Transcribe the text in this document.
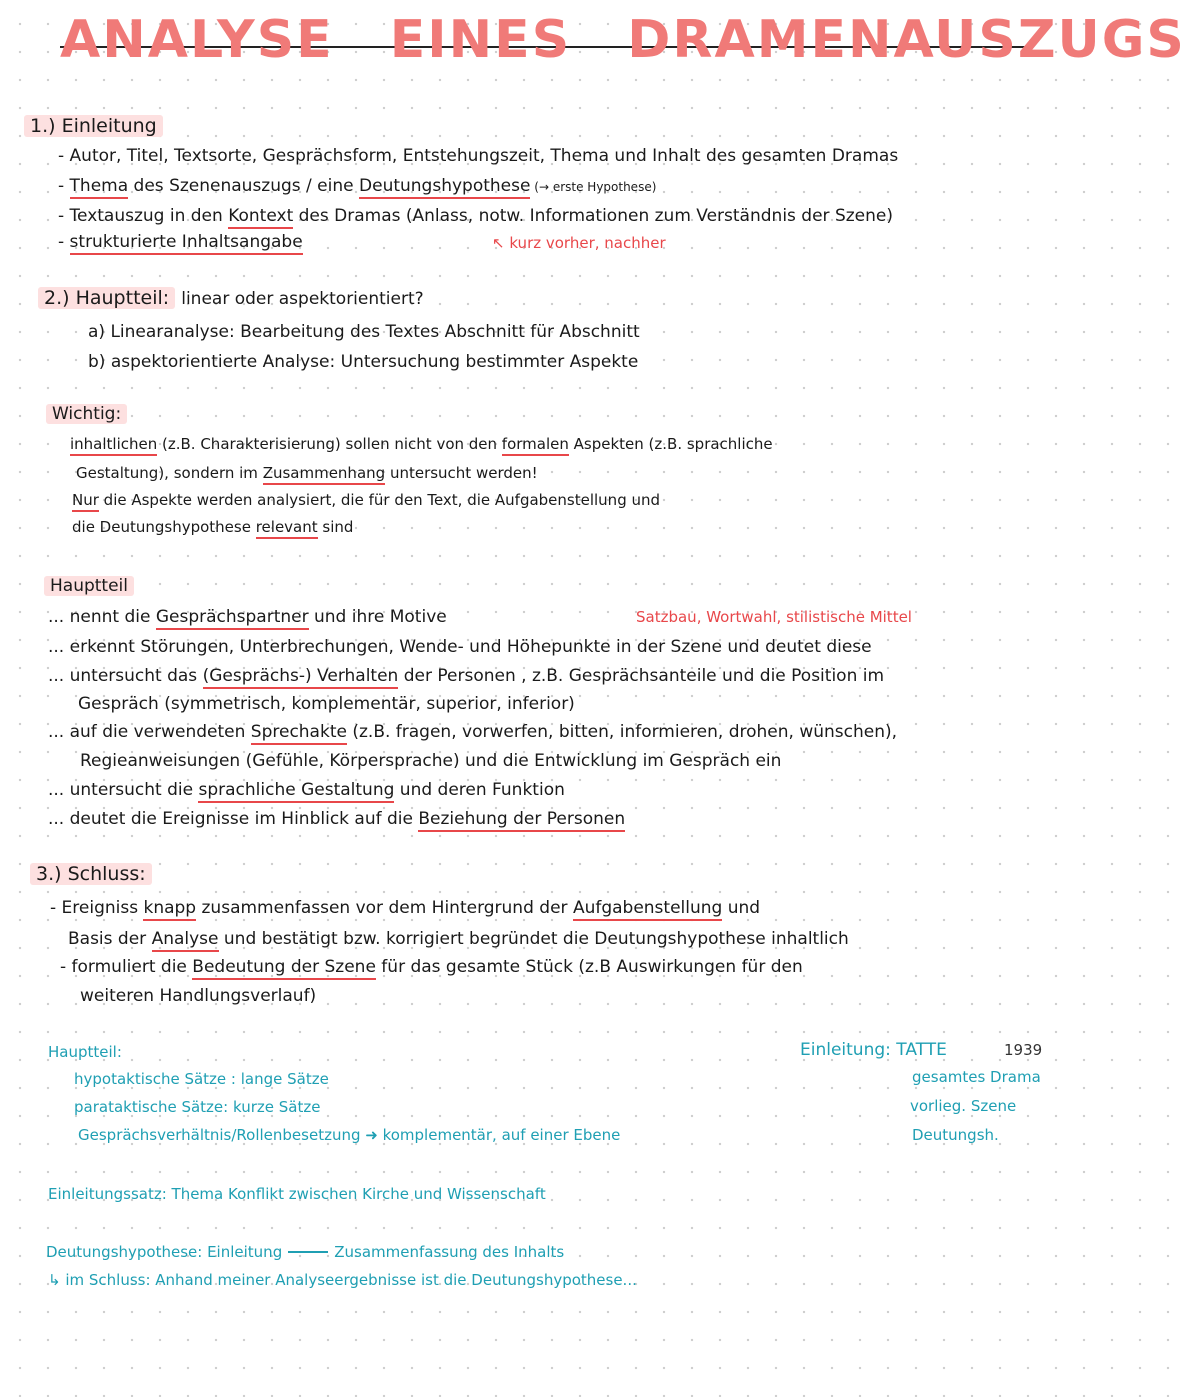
ANALYSE EINES DRAMENAUSZUGS
1.) Einleitung
- Autor, Titel, Textsorte, Gesprächsform, Entstehungszeit, Thema und Inhalt des gesamten Dramas
- Thema des Szenenauszugs / eine Deutungshypothese (→ erste Hypothese)
- Textauszug in den Kontext des Dramas (Anlass, notw. Informationen zum Verständnis der Szene)
- strukturierte Inhaltsangabe	↖ kurz vorher, nachher
2.) Hauptteil: linear oder aspektorientiert?
a) Linearanalyse: Bearbeitung des Textes Abschnitt für Abschnitt
b) aspektorientierte Analyse: Untersuchung bestimmter Aspekte
Wichtig:
inhaltlichen (z.B. Charakterisierung) sollen nicht von den formalen Aspekten (z.B. sprachliche
Gestaltung), sondern im Zusammenhang untersucht werden!
Nur die Aspekte werden analysiert, die für den Text, die Aufgabenstellung und
die Deutungshypothese relevant sind
Hauptteil
... nennt die Gesprächspartner und ihre Motive	Satzbau, Wortwahl, stilistische Mittel
... erkennt Störungen, Unterbrechungen, Wende- und Höhepunkte in der Szene und deutet diese
... untersucht das (Gesprächs-) Verhalten der Personen , z.B. Gesprächsanteile und die Position im
Gespräch (symmetrisch, komplementär, superior, inferior)
... auf die verwendeten Sprechakte (z.B. fragen, vorwerfen, bitten, informieren, drohen, wünschen),
Regieanweisungen (Gefühle, Körpersprache) und die Entwicklung im Gespräch ein
... untersucht die sprachliche Gestaltung und deren Funktion
... deutet die Ereignisse im Hinblick auf die Beziehung der Personen
3.) Schluss:
- Ereigniss knapp zusammenfassen vor dem Hintergrund der Aufgabenstellung und
Basis der Analyse und bestätigt bzw. korrigiert begründet die Deutungshypothese inhaltlich
- formuliert die Bedeutung der Szene für das gesamte Stück (z.B Auswirkungen für den
weiteren Handlungsverlauf)
Hauptteil:
hypotaktische Sätze : lange Sätze
parataktische Sätze: kurze Sätze
Gesprächsverhältnis/Rollenbesetzung ➜ komplementär, auf einer Ebene
Einleitung: TATTE	1939
gesamtes Drama
vorlieg. Szene
Deutungsh.
Einleitungssatz: Thema Konflikt zwischen Kirche und Wissenschaft
Deutungshypothese: Einleitung	Zusammenfassung des Inhalts
↳ im Schluss: Anhand meiner Analyseergebnisse ist die Deutungshypothese...
